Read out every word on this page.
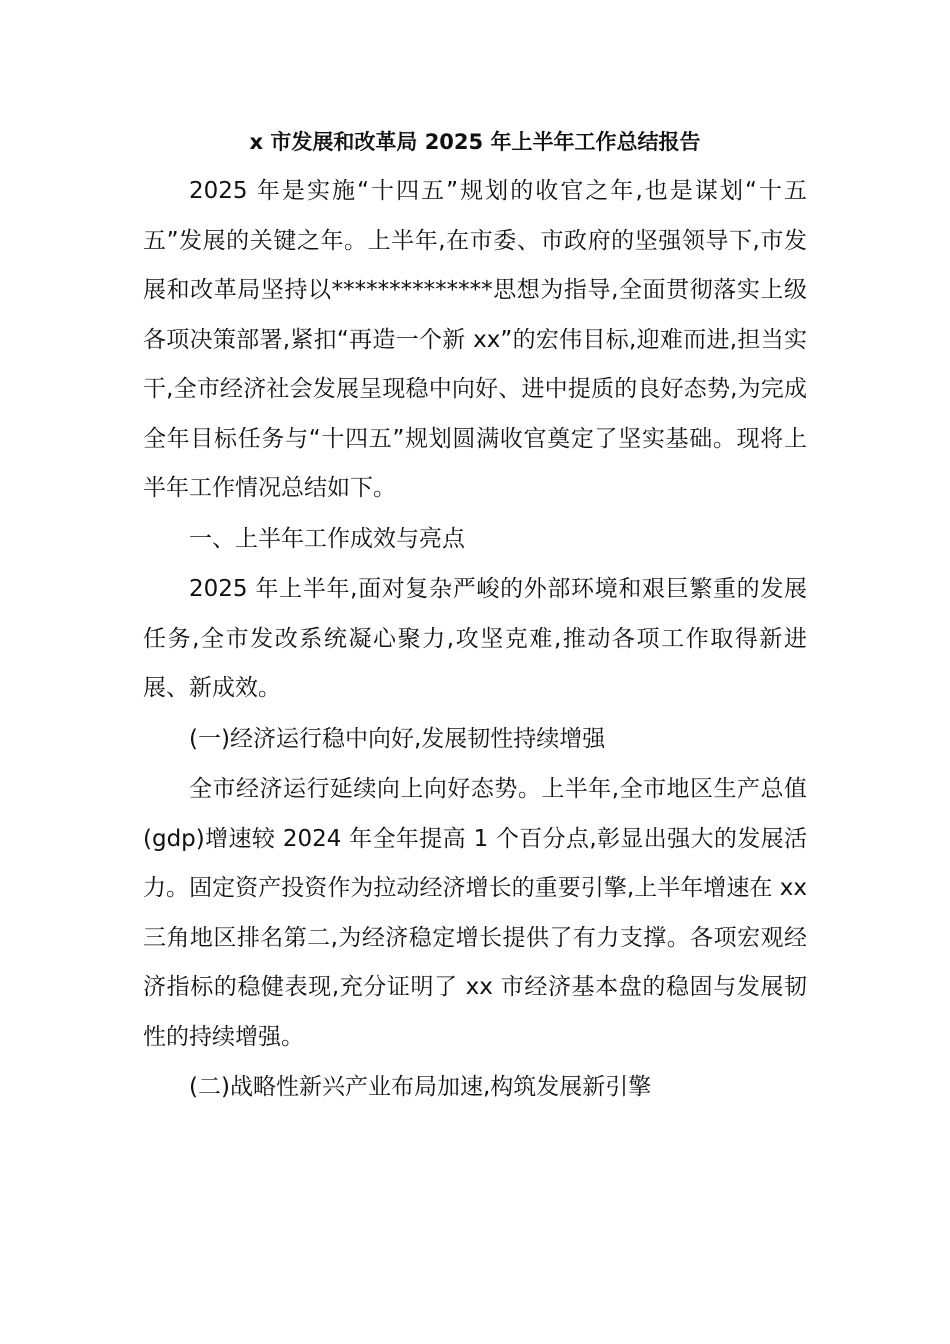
x 市发展和改革局 2025 年上半年工作总结报告

2025 年是实施“十四五”规划的收官之年,也是谋划“十五五”发展的关键之年。上半年,在市委、市政府的坚强领导下,市发展和改革局坚持以**************思想为指导,全面贯彻落实上级各项决策部署,紧扣“再造一个新 xx”的宏伟目标,迎难而进,担当实干,全市经济社会发展呈现稳中向好、进中提质的良好态势,为完成全年目标任务与“十四五”规划圆满收官奠定了坚实基础。现将上半年工作情况总结如下。

一、上半年工作成效与亮点

2025 年上半年,面对复杂严峻的外部环境和艰巨繁重的发展任务,全市发改系统凝心聚力,攻坚克难,推动各项工作取得新进展、新成效。

(一)经济运行稳中向好,发展韧性持续增强

全市经济运行延续向上向好态势。上半年,全市地区生产总值(gdp)增速较 2024 年全年提高 1 个百分点,彰显出强大的发展活力。固定资产投资作为拉动经济增长的重要引擎,上半年增速在 xx 三角地区排名第二,为经济稳定增长提供了有力支撑。各项宏观经济指标的稳健表现,充分证明了 xx 市经济基本盘的稳固与发展韧性的持续增强。

(二)战略性新兴产业布局加速,构筑发展新引擎
